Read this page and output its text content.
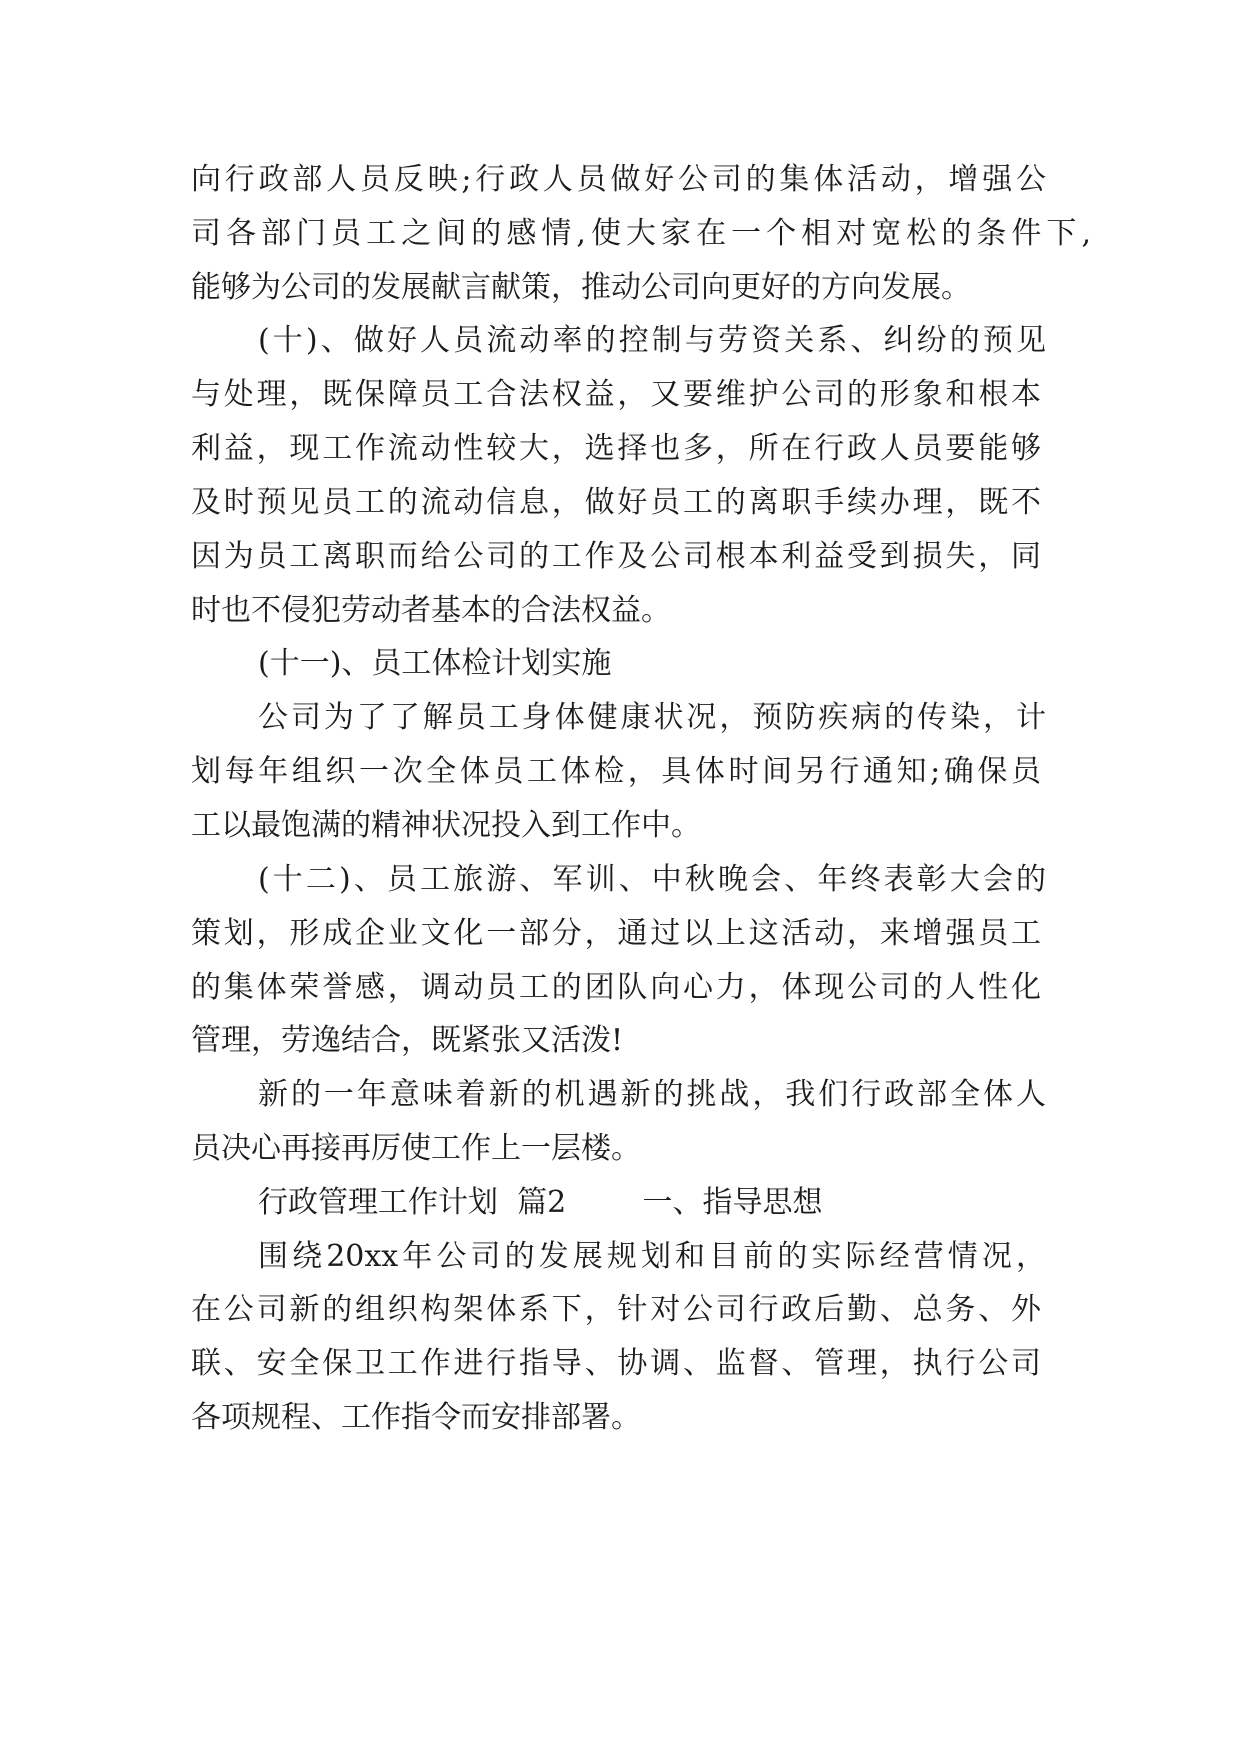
向行政部人员反映;行政人员做好公司的集体活动，增强公
司各部门员工之间的感情,使大家在一个相对宽松的条件下,
能够为公司的发展献言献策，推动公司向更好的方向发展。
(十)、做好人员流动率的控制与劳资关系、纠纷的预见
与处理，既保障员工合法权益，又要维护公司的形象和根本
利益，现工作流动性较大，选择也多，所在行政人员要能够
及时预见员工的流动信息，做好员工的离职手续办理，既不
因为员工离职而给公司的工作及公司根本利益受到损失，同
时也不侵犯劳动者基本的合法权益。
(十一)、员工体检计划实施
公司为了了解员工身体健康状况，预防疾病的传染，计
划每年组织一次全体员工体检，具体时间另行通知;确保员
工以最饱满的精神状况投入到工作中。
(十二)、员工旅游、军训、中秋晚会、年终表彰大会的
策划，形成企业文化一部分，通过以上这活动，来增强员工
的集体荣誉感，调动员工的团队向心力，体现公司的人性化
管理，劳逸结合，既紧张又活泼!
新的一年意味着新的机遇新的挑战，我们行政部全体人
员决心再接再厉使工作上一层楼。
行政管理工作计划  篇2        一、指导思想
围绕20xx年公司的发展规划和目前的实际经营情况，
在公司新的组织构架体系下，针对公司行政后勤、总务、外
联、安全保卫工作进行指导、协调、监督、管理，执行公司
各项规程、工作指令而安排部署。
